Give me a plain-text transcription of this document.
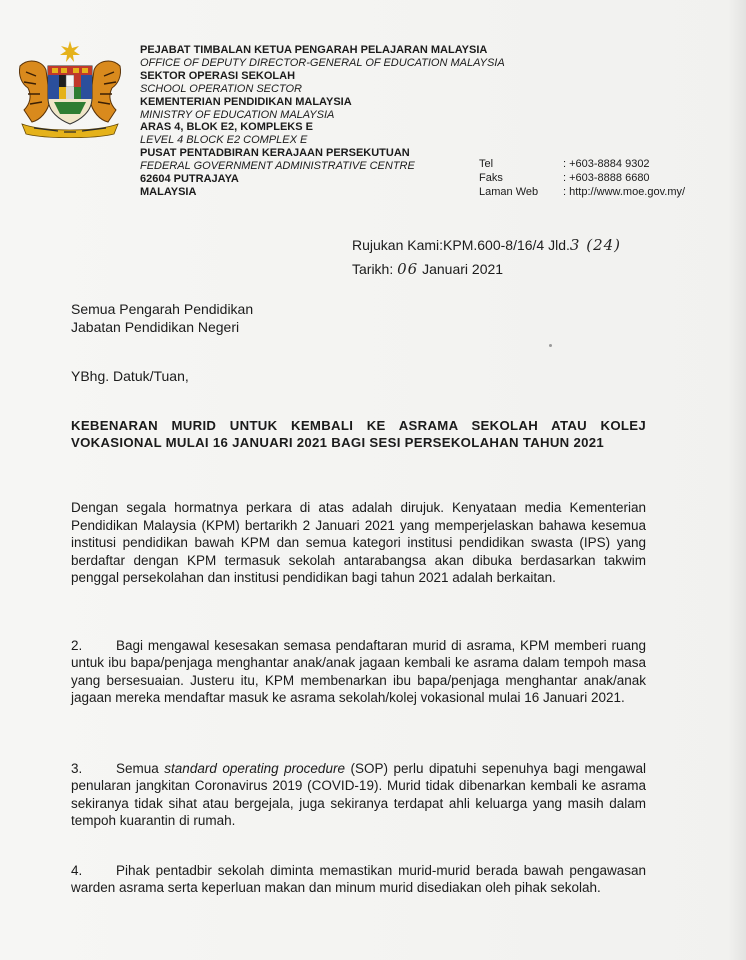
PEJABAT TIMBALAN KETUA PENGARAH PELAJARAN MALAYSIA
OFFICE OF DEPUTY DIRECTOR-GENERAL OF EDUCATION MALAYSIA
SEKTOR OPERASI SEKOLAH
SCHOOL OPERATION SECTOR
KEMENTERIAN PENDIDIKAN MALAYSIA
MINISTRY OF EDUCATION MALAYSIA
ARAS 4, BLOK E2, KOMPLEKS E
LEVEL 4 BLOCK E2 COMPLEX E
PUSAT PENTADBIRAN KERAJAAN PERSEKUTUAN
FEDERAL GOVERNMENT ADMINISTRATIVE CENTRE
62604 PUTRAJAYA
MALAYSIA
Tel
Faks
Laman Web
: +603-8884 9302
: +603-8888 6680
: http://www.moe.gov.my/
Rujukan Kami:KPM.600-8/16/4 Jld.3 (24)
Tarikh: 06 Januari 2021
Semua Pengarah Pendidikan
Jabatan Pendidikan Negeri
YBhg. Datuk/Tuan,
KEBENARAN MURID UNTUK KEMBALI KE ASRAMA SEKOLAH ATAU KOLEJ VOKASIONAL MULAI 16 JANUARI 2021 BAGI SESI PERSEKOLAHAN TAHUN 2021
Dengan segala hormatnya perkara di atas adalah dirujuk. Kenyataan media Kementerian Pendidikan Malaysia (KPM) bertarikh 2 Januari 2021 yang memperjelaskan bahawa kesemua institusi pendidikan bawah KPM dan semua kategori institusi pendidikan swasta (IPS) yang berdaftar dengan KPM termasuk sekolah antarabangsa akan dibuka berdasarkan takwim penggal persekolahan dan institusi pendidikan bagi tahun 2021 adalah berkaitan.
2. Bagi mengawal kesesakan semasa pendaftaran murid di asrama, KPM memberi ruang untuk ibu bapa/penjaga menghantar anak/anak jagaan kembali ke asrama dalam tempoh masa yang bersesuaian. Justeru itu, KPM membenarkan ibu bapa/penjaga menghantar anak/anak jagaan mereka mendaftar masuk ke asrama sekolah/kolej vokasional mulai 16 Januari 2021.
3. Semua standard operating procedure (SOP) perlu dipatuhi sepenuhya bagi mengawal penularan jangkitan Coronavirus 2019 (COVID-19). Murid tidak dibenarkan kembali ke asrama sekiranya tidak sihat atau bergejala, juga sekiranya terdapat ahli keluarga yang masih dalam tempoh kuarantin di rumah.
4. Pihak pentadbir sekolah diminta memastikan murid-murid berada bawah pengawasan warden asrama serta keperluan makan dan minum murid disediakan oleh pihak sekolah.
